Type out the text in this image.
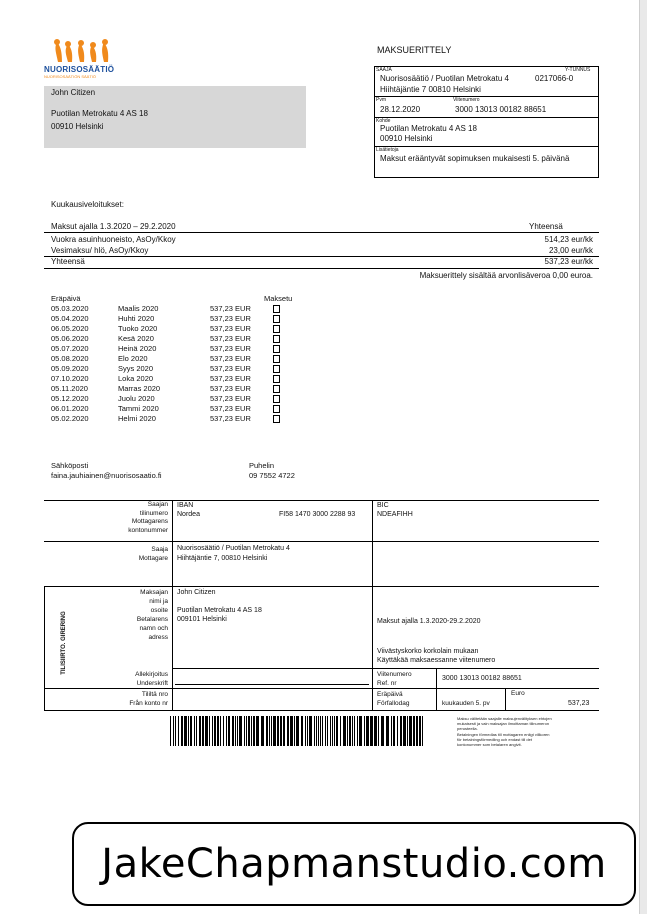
NUORISOSÄÄTIÖ
NUORISOSÄÄTIÖN SÄÄTIÖ
John Citizen
Puotilan Metrokatu 4 AS 18
00910 Helsinki
MAKSUERITTELY
SAAJA	Y-TUNNUS
Nuorisosäätiö / Puotilan Metrokatu 4	0217066-0
Hiihtäjäntie 7 00810 Helsinki
Pvm	Viitenumero
28.12.2020	3000 13013 00182 88651
Kohde
Puotilan Metrokatu 4 AS 18
00910 Helsinki
Lisätietoja
Maksut erääntyvät sopimuksen mukaisesti 5. päivänä
Kuukausiveloitukset:
Maksut ajalla 1.3.2020 – 29.2.2020	Yhteensä
Vuokra asuinhuoneisto, AsOy/Kkoy	514,23 eur/kk
Vesimaksu/ hlö, AsOy/Kkoy	23,00 eur/kk
Yhteensä	537,23 eur/kk
Maksuerittely sisältää arvonlisäveroa 0,00 euroa.
Eräpäivä	Maksetu
05.03.2020	Maalis 2020	537,23 EUR
05.04.2020	Huhti 2020	537,23 EUR
06.05.2020	Tuoko 2020	537,23 EUR
05.06.2020	Kesä 2020	537,23 EUR
05.07.2020	Heinä 2020	537,23 EUR
05.08.2020	Elo 2020	537,23 EUR
05.09.2020	Syys 2020	537,23 EUR
07.10.2020	Loka 2020	537,23 EUR
05.11.2020	Marras 2020	537,23 EUR
05.12.2020	Juolu 2020	537,23 EUR
06.01.2020	Tammi 2020	537,23 EUR
05.02.2020	Helmi 2020	537,23 EUR
Sähköposti
faina.jauhiainen@nuorisosaatio.fi
Puhelin
09 7552 4722
TILISIIRTO. GIRERING
Saajan
tilinumero
Mottagarens
kontonummer
IBAN
Nordea	FI58 1470 3000 2288 93
BIC
NDEAFIHH
Saaja
Mottagare
Nuorisosäätiö / Puotilan Metrokatu 4
Hiihtäjäntie 7, 00810 Helsinki
Maksajan
nimi ja
osoite
Betalarens
namn och
adress
John Citizen
Puotilan Metrokatu 4 AS 18
009101 Helsinki	Maksut ajalla 1.3.2020-29.2.2020
Viivästyskorko korkolain mukaan
Käyttäkää maksaessanne viitenumero
Allekirjoitus
Underskrift
Viitenumero
Ref. nr
3000 13013 00182 88651
Tililtä nro
Från konto nr
Eräpäivä
Förfallodag	kuukauden 5. pv
Euro
537,23
Maksu välitetään saajalle maksujenvälityksen ehtojen
mukaisesti ja vain maksajan ilmoittaman tilinumeron
perusteella.
Betalningen förmedlas till mottagaren enligt villkoren
för betalningsförmedling och endast till det
kontonummer som betalaren angivit.
JakeChapmanstudio.com
